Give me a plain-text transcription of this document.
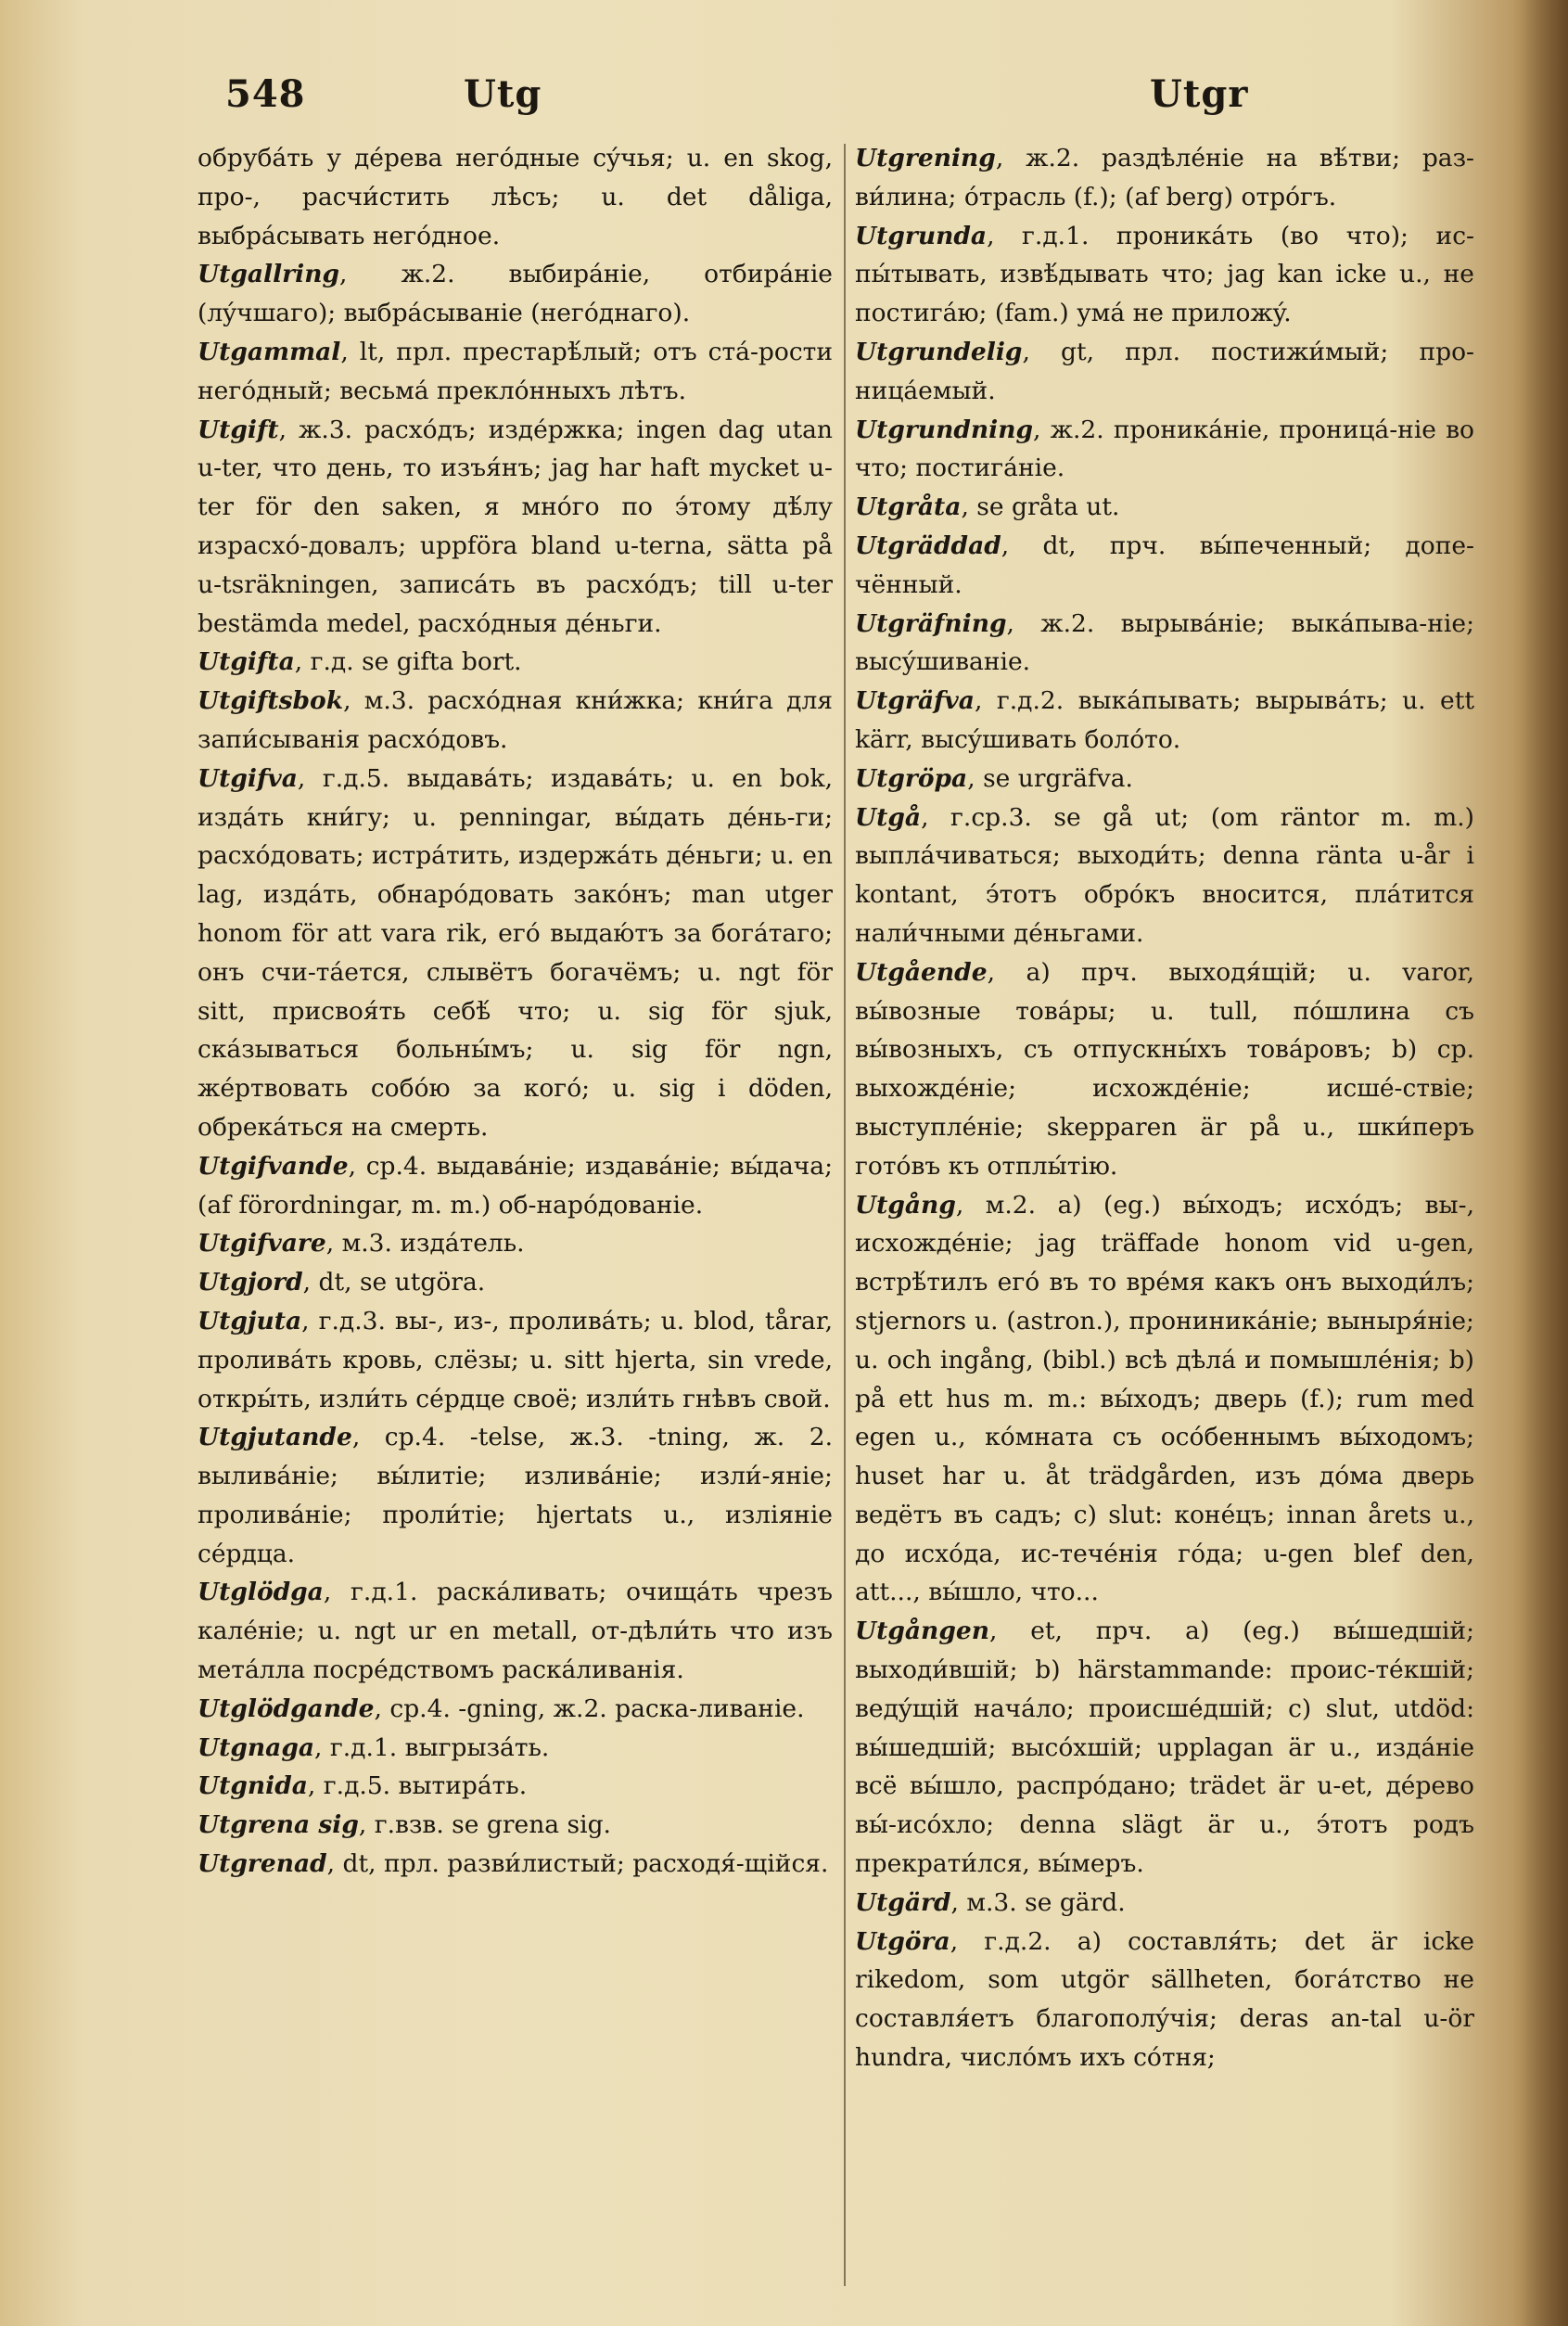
548	Utg	Utgr

обрубáть у дéрева негóдные сýчья; u. en skog, про-, расчи́стить лѣсъ; u. det dåliga, выбрáсывать негóдное.

Utgallring, ж.2. выбирáніе, отбирáніе (лýчшаго); выбрáсываніе (негóднаго).

Utgammal, lt, прл. престарѣ́лый; отъ стá-рости негóдный; весьмá преклóнныхъ лѣтъ.

Utgift, ж.3. расхóдъ; издéржка; ingen dag utan u-ter, что день, то изъя́нъ; jag har haft mycket u-ter för den saken, я мнóго по э́тому дѣ́лу израсхó-довалъ; uppföra bland u-terna, sätta på u-tsräkningen, записáть въ расхóдъ; till u-ter bestämda medel, расхóдныя дéньги.

Utgifta, г.д. se gifta bort.

Utgiftsbok, м.3. расхóдная кни́жка; кни́га для запи́сыванія расхóдовъ.

Utgifva, г.д.5. выдавáть; издавáть; u. en bok, издáть кни́гу; u. penningar, вы́дать дéнь-ги; расхóдовать; истрáтить, издержáть дéньги; u. en lag, издáть, обнарóдовать закóнъ; man utger honom för att vara rik, егó выдаю́тъ за богáтаго; онъ счи-тáется, слывётъ богачёмъ; u. ngt för sitt, присвоя́ть себѣ́ что; u. sig för sjuk, скáзываться больны́мъ; u. sig för ngn, жéртвовать собóю за когó; u. sig i döden, обрекáться на смерть.

Utgifvande, ср.4. выдавáніе; издавáніе; вы́дача; (af förordningar, m. m.) об-нарóдованіе.

Utgifvare, м.3. издáтель.

Utgjord, dt, se utgöra.

Utgjuta, г.д.3. вы-, из-, проливáть; u. blod, tårar, проливáть кровь, слёзы; u. sitt hjerta, sin vrede, откры́ть, изли́ть сéрдце своё; изли́ть гнѣвъ свой.

Utgjutande, ср.4. -telse, ж.3. -tning, ж. 2. выливáніе; вы́литіе; изливáніе; изли́-яніе; проливáніе; проли́тіе; hjertats u., изліяніе сéрдца.

Utglödga, г.д.1. раскáливать; очищáть чрезъ калéніе; u. ngt ur en metall, от-дѣли́ть что изъ метáлла посрéдствомъ раскáливанія.

Utglödgande, ср.4. -gning, ж.2. раска-ливаніе.

Utgnaga, г.д.1. выгрызáть.

Utgnida, г.д.5. вытирáть.

Utgrena sig, г.взв. se grena sig.

Utgrenad, dt, прл. разви́листый; расходя́-щійся.

Utgrening, ж.2. раздѣлéніе на вѣ́тви; раз-ви́лина; óтрасль (f.); (af berg) отрóгъ.

Utgrunda, г.д.1. проникáть (во что); ис-пы́тывать, извѣ́дывать что; jag kan icke u., не постигáю; (fam.) умá не приложý.

Utgrundelig, gt, прл. постижи́мый; про-ницáемый.

Utgrundning, ж.2. проникáніе, проницá-ніе во что; постигáніе.

Utgråta, se gråta ut.

Utgräddad, dt, прч. вы́печенный; допе-чённый.

Utgräfning, ж.2. вырывáніе; выкáпыва-ніе; высýшиваніе.

Utgräfva, г.д.2. выкáпывать; вырывáть; u. ett kärr, высýшивать болóто.

Utgröpa, se urgräfva.

Utgå, г.ср.3. se gå ut; (om räntor m. m.) выплáчиваться; выходи́ть; denna ränta u-år i kontant, э́тотъ обрóкъ вносится, плáтится нали́чными дéньгами.

Utgående, a) прч. выходя́щій; u. varor, вы́возные товáры; u. tull, пóшлина съ вы́возныхъ, съ отпускны́хъ товáровъ; b) ср. выхождéніе; исхождéніе; исшé-ствіе; выступлéніе; skepparen är på u., шки́перъ готóвъ къ отплы́тію.

Utgång, м.2. a) (eg.) вы́ходъ; исхóдъ; вы-, исхождéніе; jag träffade honom vid u-gen, встрѣ́тилъ егó въ то врéмя какъ онъ выходи́лъ; stjernors u. (astron.), прониникáніе; выныря́ніе; u. och ingång, (bibl.) всѣ дѣлá и помышлéнія; b) på ett hus m. m.: вы́ходъ; дверь (f.); rum med egen u., кóмната съ осóбеннымъ вы́ходомъ; huset har u. åt trädgården, изъ дóма дверь ведётъ въ садъ; c) slut: конéцъ; innan årets u., до исхóда, ис-течéнія гóда; u-gen blef den, att..., вы́шло, что...

Utgången, et, прч. a) (eg.) вы́шедшій; выходи́вшій; b) härstammande: проис-тéкшій; ведýщій начáло; происшéдшій; c) slut, utdöd: вы́шедшій; высóхшій; upplagan är u., издáніе всё вы́шло, распрóдано; trädet är u-et, дéрево вы́-исóхло; denna slägt är u., э́тотъ родъ прекрати́лся, вы́меръ.

Utgärd, м.3. se gärd.

Utgöra, г.д.2. a) составля́ть; det är icke rikedom, som utgör sällheten, богáтство не составля́етъ благополýчія; deras an-tal u-ör hundra, числóмъ ихъ сóтня;
